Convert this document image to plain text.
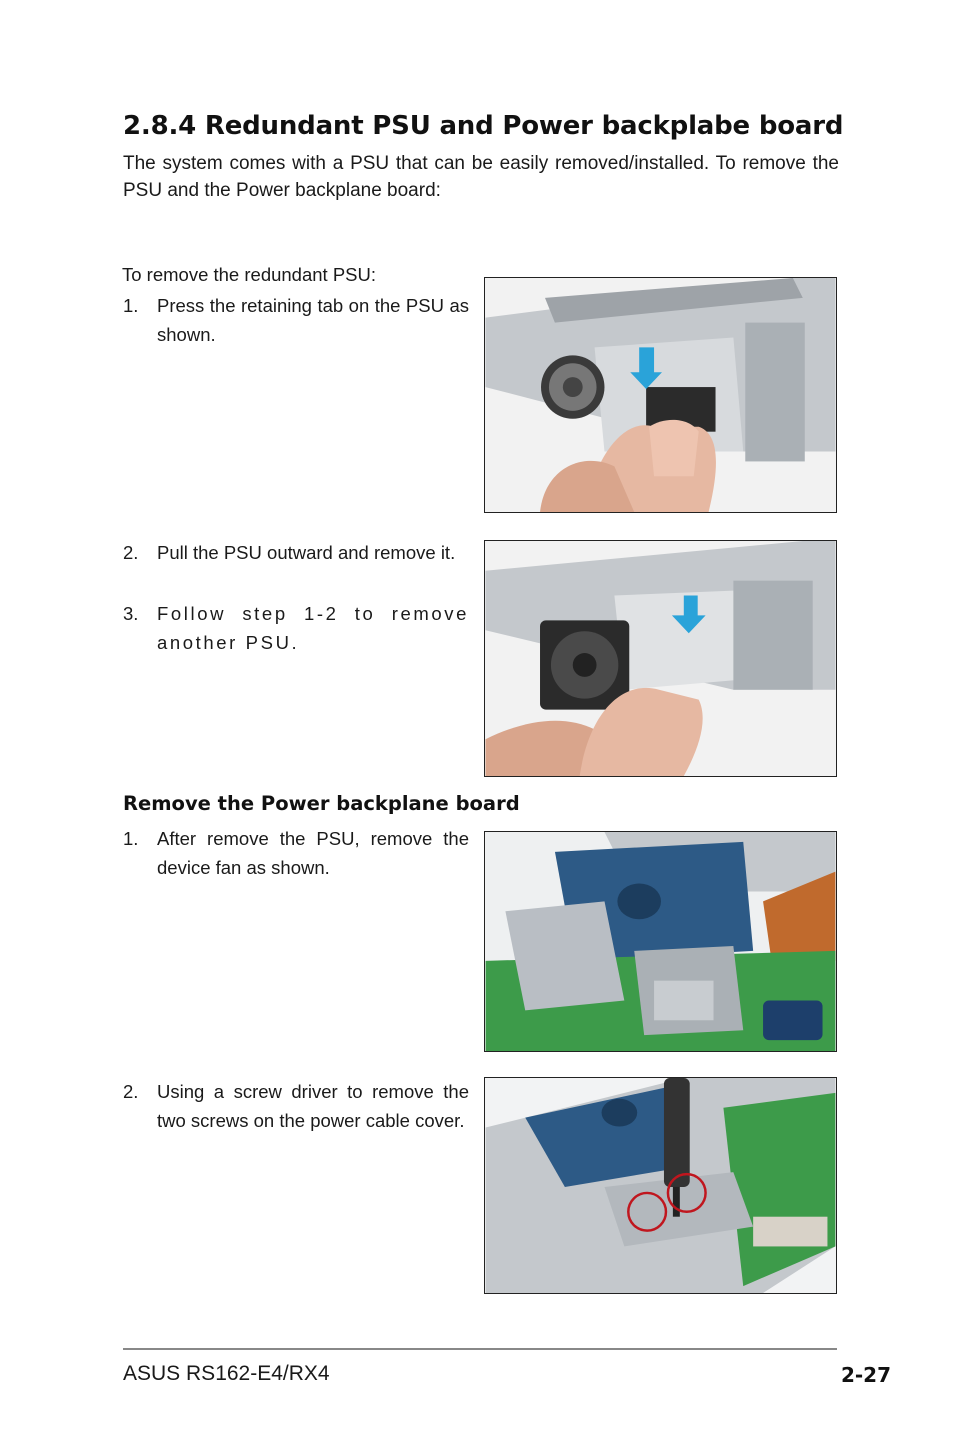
2.8.4 Redundant PSU and Power backplabe board
The system comes with a PSU that can be easily removed/installed. To remove the PSU and the Power backplane board:
To remove the redundant PSU:
1. Press the retaining tab on the PSU as shown.
2. Pull the PSU outward and remove it.
3. Follow step 1-2 to remove another PSU.
Remove the Power backplane board
1. After remove the PSU, remove the device fan as shown.
2. Using a screw driver to remove the two screws on the power cable cover.
ASUS RS162-E4/RX4	2-27
